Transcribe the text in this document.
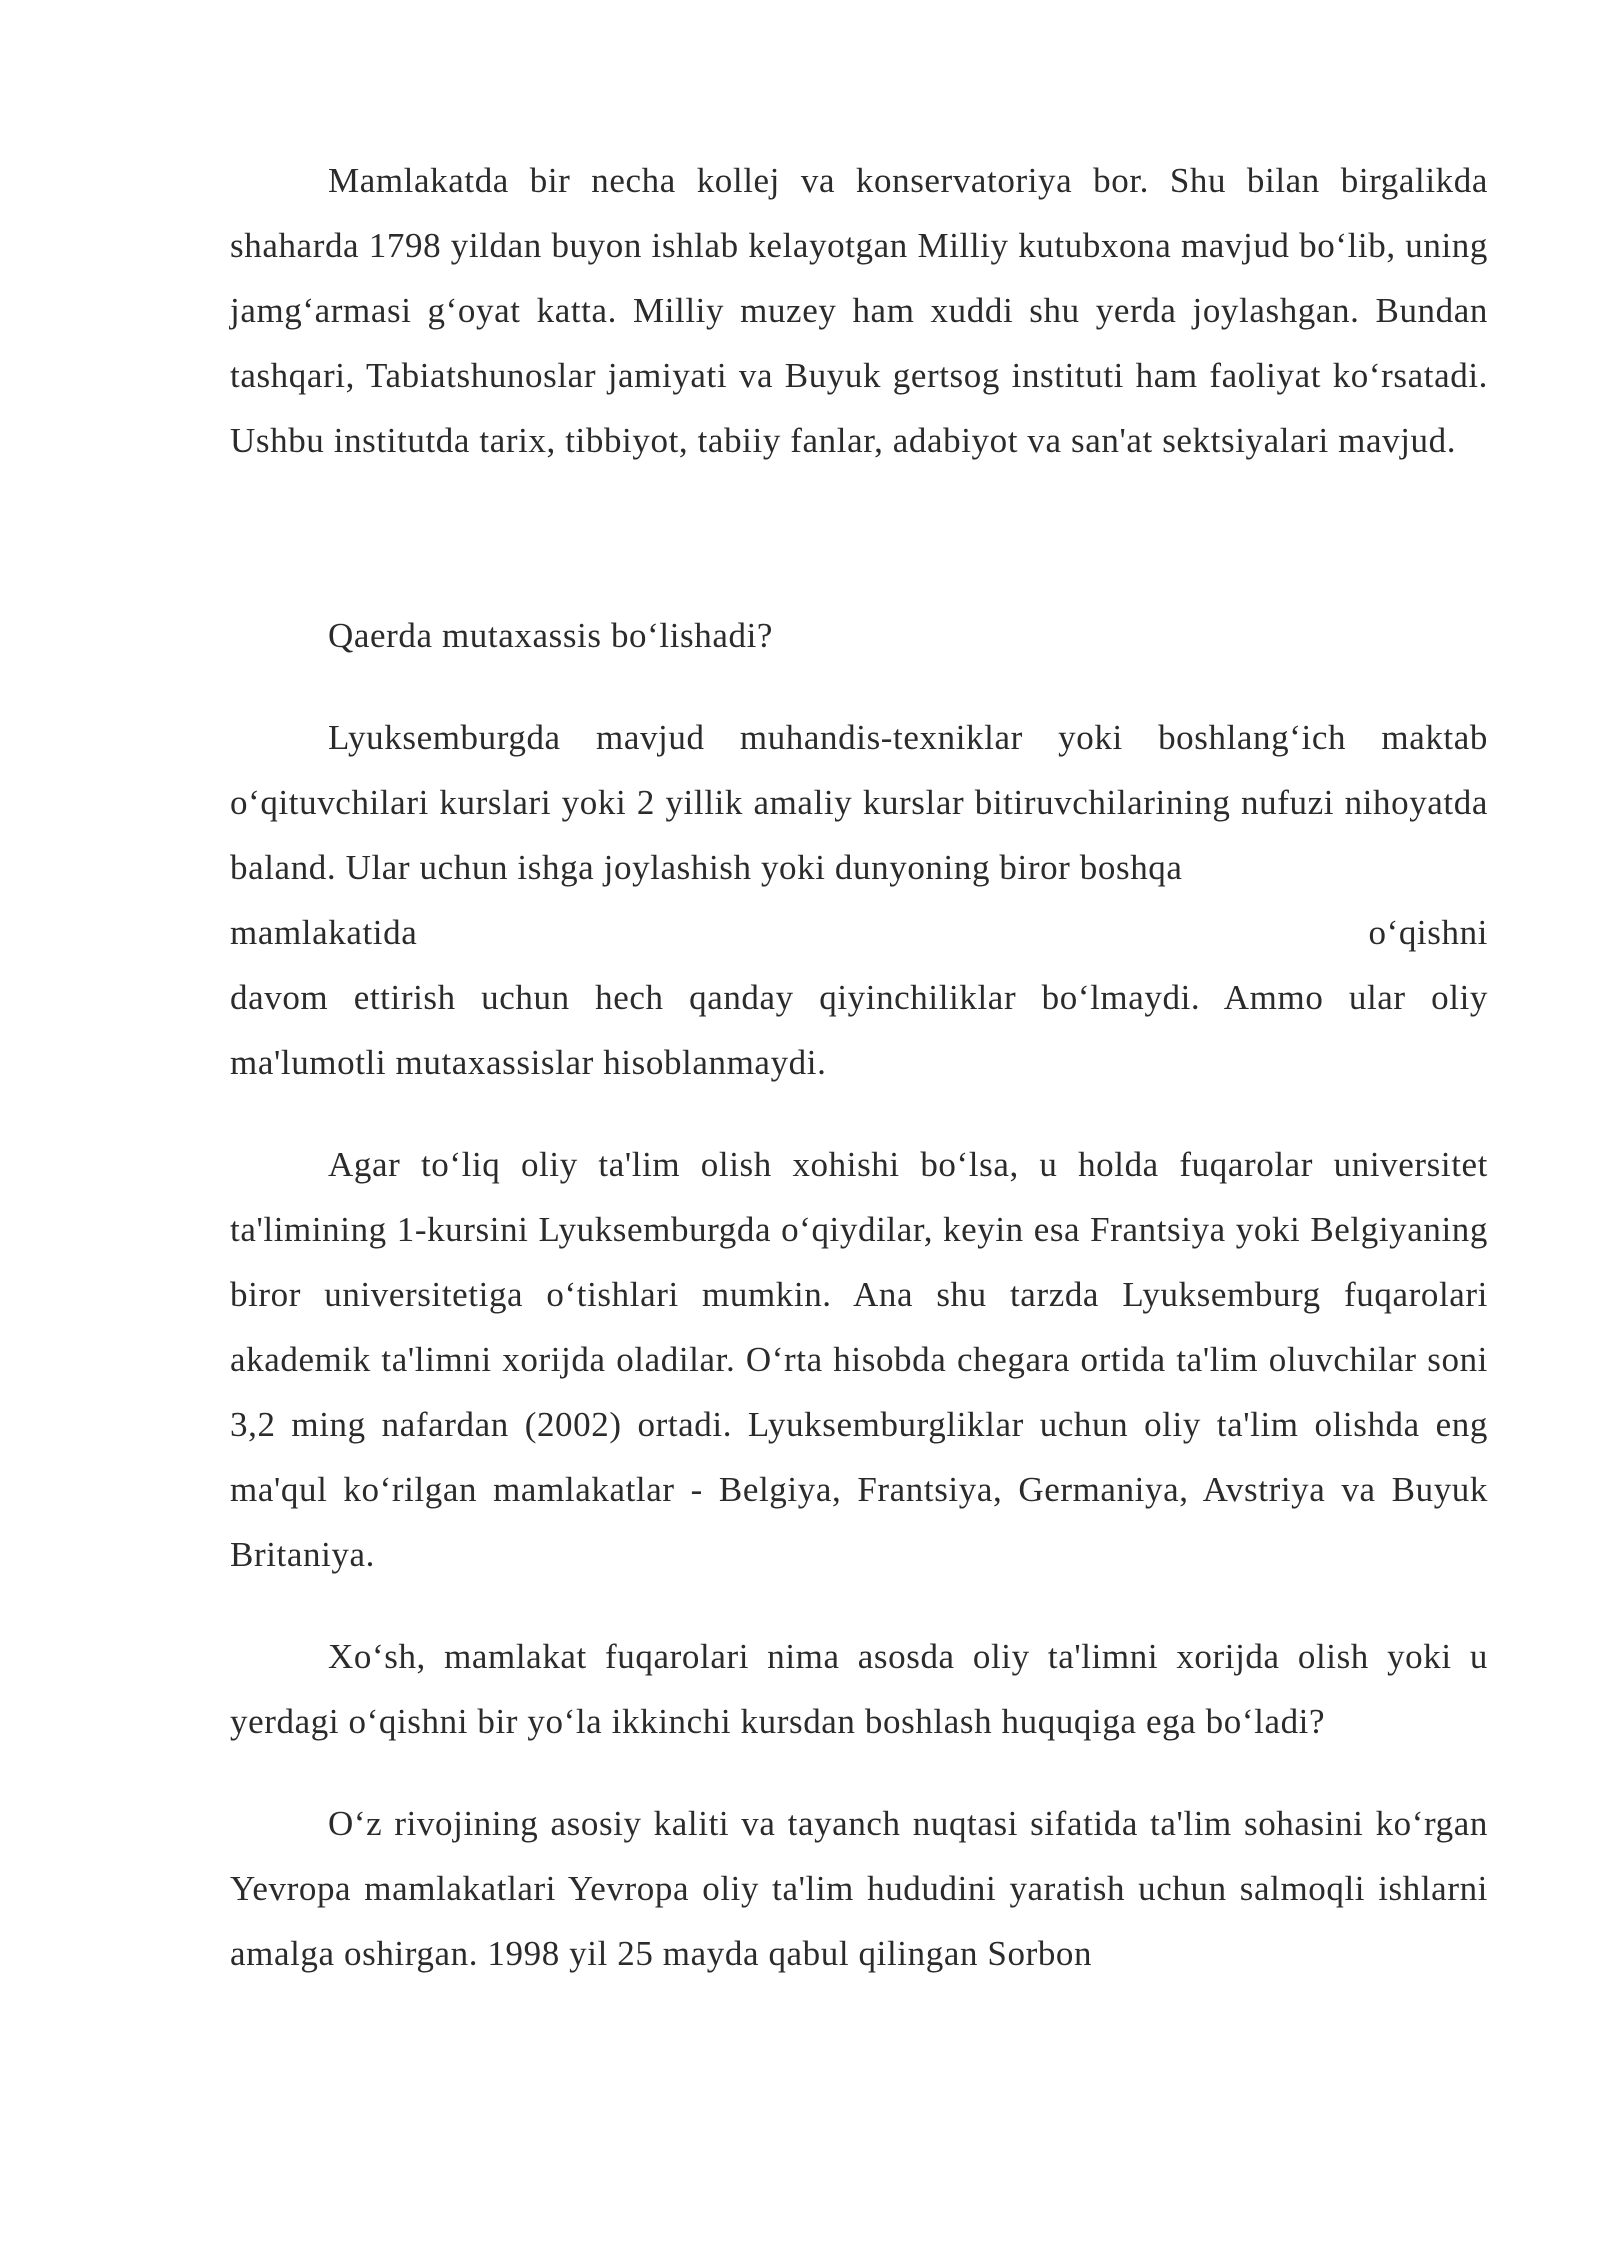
Mamlakatda bir necha kollej va konservatoriya bor. Shu bilan birgalikda shaharda 1798 yildan buyon ishlab kelayotgan Milliy kutubxona mavjud bo‘lib, uning jamg‘armasi g‘oyat katta. Milliy muzey ham xuddi shu yerda joylashgan. Bundan tashqari, Tabiatshunoslar jamiyati va Buyuk gertsog instituti ham faoliyat ko‘rsatadi. Ushbu institutda tarix, tibbiyot, tabiiy fanlar, adabiyot va san'at sektsiyalari mavjud.

Qaerda mutaxassis bo‘lishadi?

Lyuksemburgda mavjud muhandis-texniklar yoki boshlang‘ich maktab o‘qituvchilari kurslari yoki 2 yillik amaliy kurslar bitiruvchilarining nufuzi nihoyatda baland. Ular uchun ishga joylashish yoki dunyoning biror boshqa
mamlakatida o‘qishni
davom ettirish uchun hech qanday qiyinchiliklar bo‘lmaydi. Ammo ular oliy ma'lumotli mutaxassislar hisoblanmaydi.

Agar to‘liq oliy ta'lim olish xohishi bo‘lsa, u holda fuqarolar universitet ta'limining 1-kursini Lyuksemburgda o‘qiydilar, keyin esa Frantsiya yoki Belgiyaning biror universitetiga o‘tishlari mumkin. Ana shu tarzda Lyuksemburg fuqarolari akademik ta'limni xorijda oladilar. O‘rta hisobda chegara ortida ta'lim oluvchilar soni 3,2 ming nafardan (2002) ortadi. Lyuksemburgliklar uchun oliy ta'lim olishda eng ma'qul ko‘rilgan mamlakatlar - Belgiya, Frantsiya, Germaniya, Avstriya va Buyuk Britaniya.

Xo‘sh, mamlakat fuqarolari nima asosda oliy ta'limni xorijda olish yoki u yerdagi o‘qishni bir yo‘la ikkinchi kursdan boshlash huquqiga ega bo‘ladi?

O‘z rivojining asosiy kaliti va tayanch nuqtasi sifatida ta'lim sohasini ko‘rgan Yevropa mamlakatlari Yevropa oliy ta'lim hududini yaratish uchun salmoqli ishlarni amalga oshirgan. 1998 yil 25 mayda qabul qilingan Sorbon
